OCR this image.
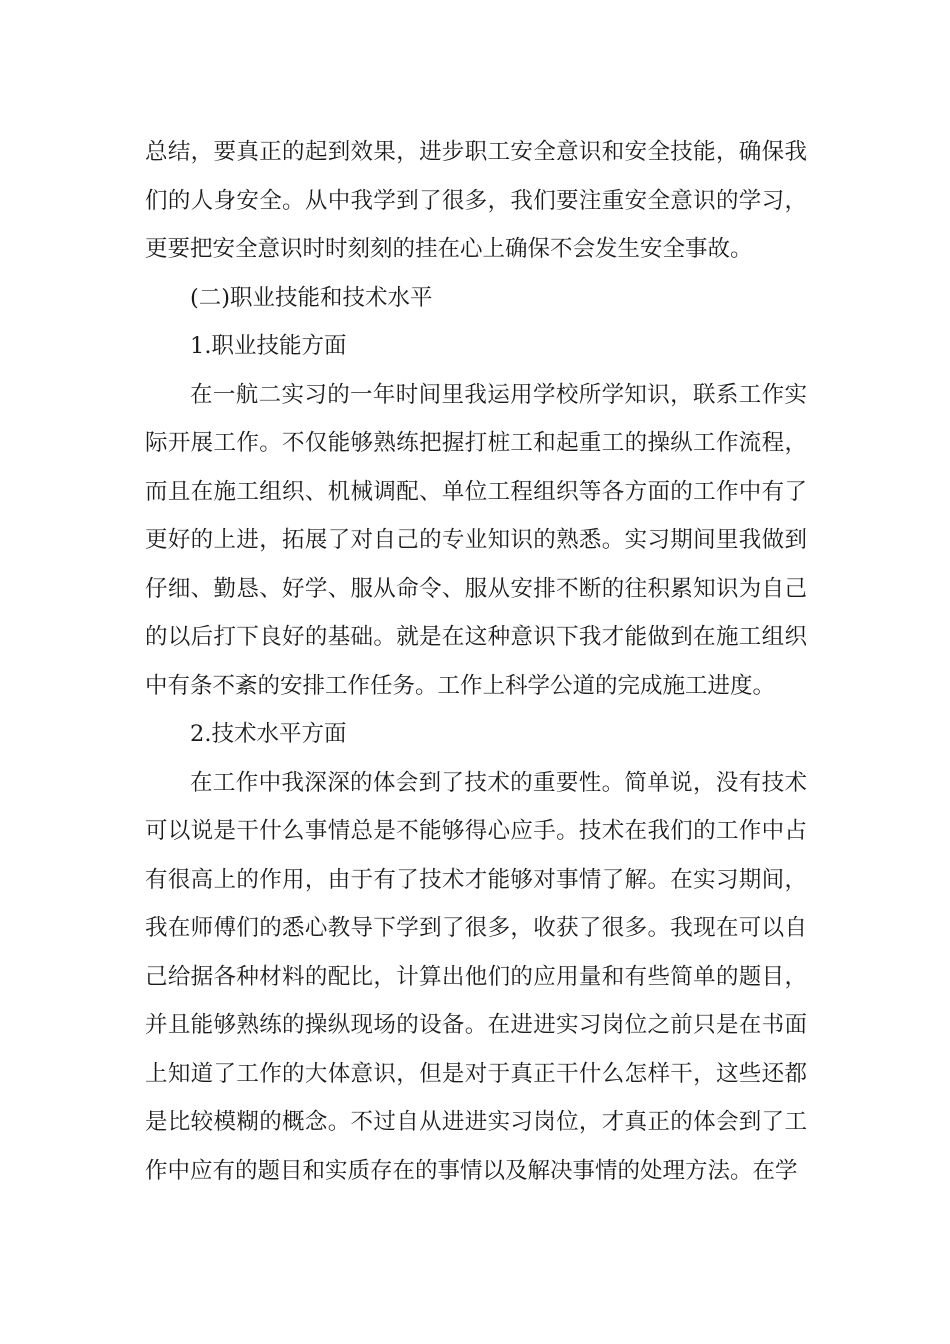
总结，要真正的起到效果，进步职工安全意识和安全技能，确保我们的人身安全。从中我学到了很多，我们要注重安全意识的学习，更要把安全意识时时刻刻的挂在心上确保不会发生安全事故。

(二)职业技能和技术水平

1.职业技能方面

在一航二实习的一年时间里我运用学校所学知识，联系工作实际开展工作。不仅能够熟练把握打桩工和起重工的操纵工作流程，而且在施工组织、机械调配、单位工程组织等各方面的工作中有了更好的上进，拓展了对自己的专业知识的熟悉。实习期间里我做到仔细、勤恳、好学、服从命令、服从安排不断的往积累知识为自己的以后打下良好的基础。就是在这种意识下我才能做到在施工组织中有条不紊的安排工作任务。工作上科学公道的完成施工进度。

2.技术水平方面

在工作中我深深的体会到了技术的重要性。简单说，没有技术可以说是干什么事情总是不能够得心应手。技术在我们的工作中占有很高上的作用，由于有了技术才能够对事情了解。在实习期间，我在师傅们的悉心教导下学到了很多，收获了很多。我现在可以自己给据各种材料的配比，计算出他们的应用量和有些简单的题目，并且能够熟练的操纵现场的设备。在进进实习岗位之前只是在书面上知道了工作的大体意识，但是对于真正干什么怎样干，这些还都是比较模糊的概念。不过自从进进实习岗位，才真正的体会到了工作中应有的题目和实质存在的事情以及解决事情的处理方法。在学
